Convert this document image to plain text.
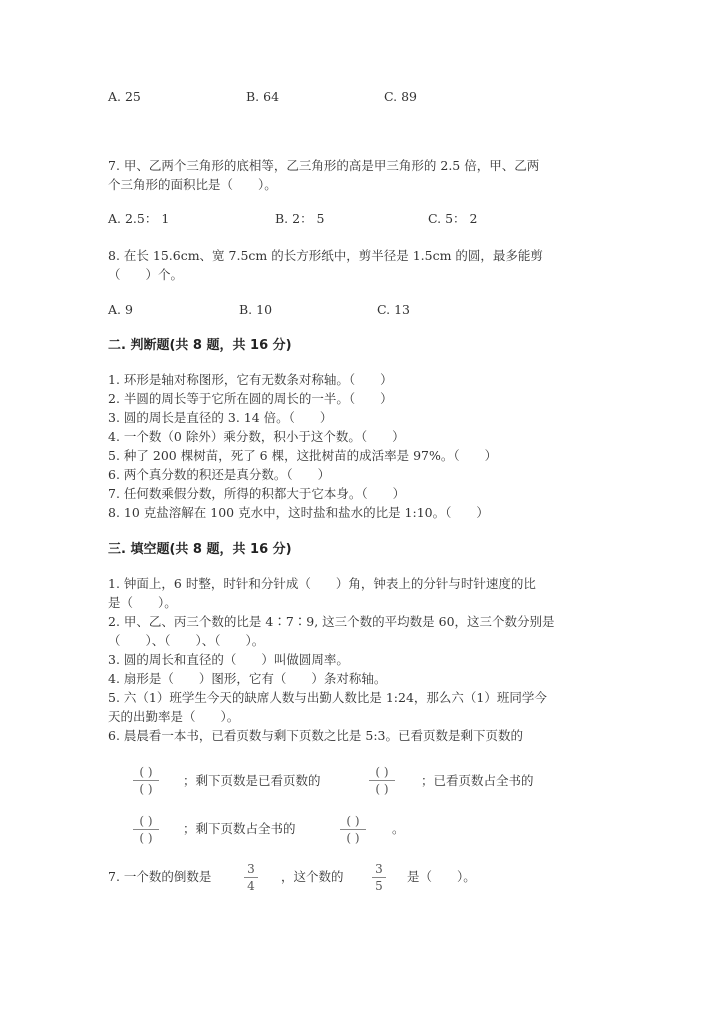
A. 25	B. 64	C. 89
7. 甲、乙两个三角形的底相等，乙三角形的高是甲三角形的 2.5 倍，甲、乙两
个三角形的面积比是（　　）。
A. 2.5： 1	B. 2： 5	C. 5： 2
8. 在长 15.6cm、宽 7.5cm 的长方形纸中，剪半径是 1.5cm 的圆，最多能剪
（　　）个。
A. 9	B. 10	C. 13
二. 判断题(共 8 题，共 16 分)
1. 环形是轴对称图形，它有无数条对称轴。（　　）
2. 半圆的周长等于它所在圆的周长的一半。（　　）
3. 圆的周长是直径的 3. 14 倍。（　　）
4. 一个数（0 除外）乘分数，积小于这个数。（　　）
5. 种了 200 棵树苗，死了 6 棵，这批树苗的成活率是 97%。（　　）
6. 两个真分数的积还是真分数。（　　）
7. 任何数乘假分数，所得的积都大于它本身。（　　）
8. 10 克盐溶解在 100 克水中，这时盐和盐水的比是 1:10。（　　）
三. 填空题(共 8 题，共 16 分)
1. 钟面上，6 时整，时针和分针成（　　）角，钟表上的分针与时针速度的比
是（　　）。
2. 甲、乙、丙三个数的比是 4∶7∶9, 这三个数的平均数是 60，这三个数分别是
（　　）、（　　）、（　　）。
3. 圆的周长和直径的（　　）叫做圆周率。
4. 扇形是（　　）图形，它有（　　）条对称轴。
5. 六（1）班学生今天的缺席人数与出勤人数比是 1:24，那么六（1）班同学今
天的出勤率是（　　）。
6. 晨晨看一本书，已看页数与剩下页数之比是 5:3。已看页数是剩下页数的
( )
( )
；剩下页数是已看页数的
( )
( )
；已看页数占全书的
( )
( )
；剩下页数占全书的	( )
( )
。
7. 一个数的倒数是	3
4
，这个数的	3
5
是（　　）。
